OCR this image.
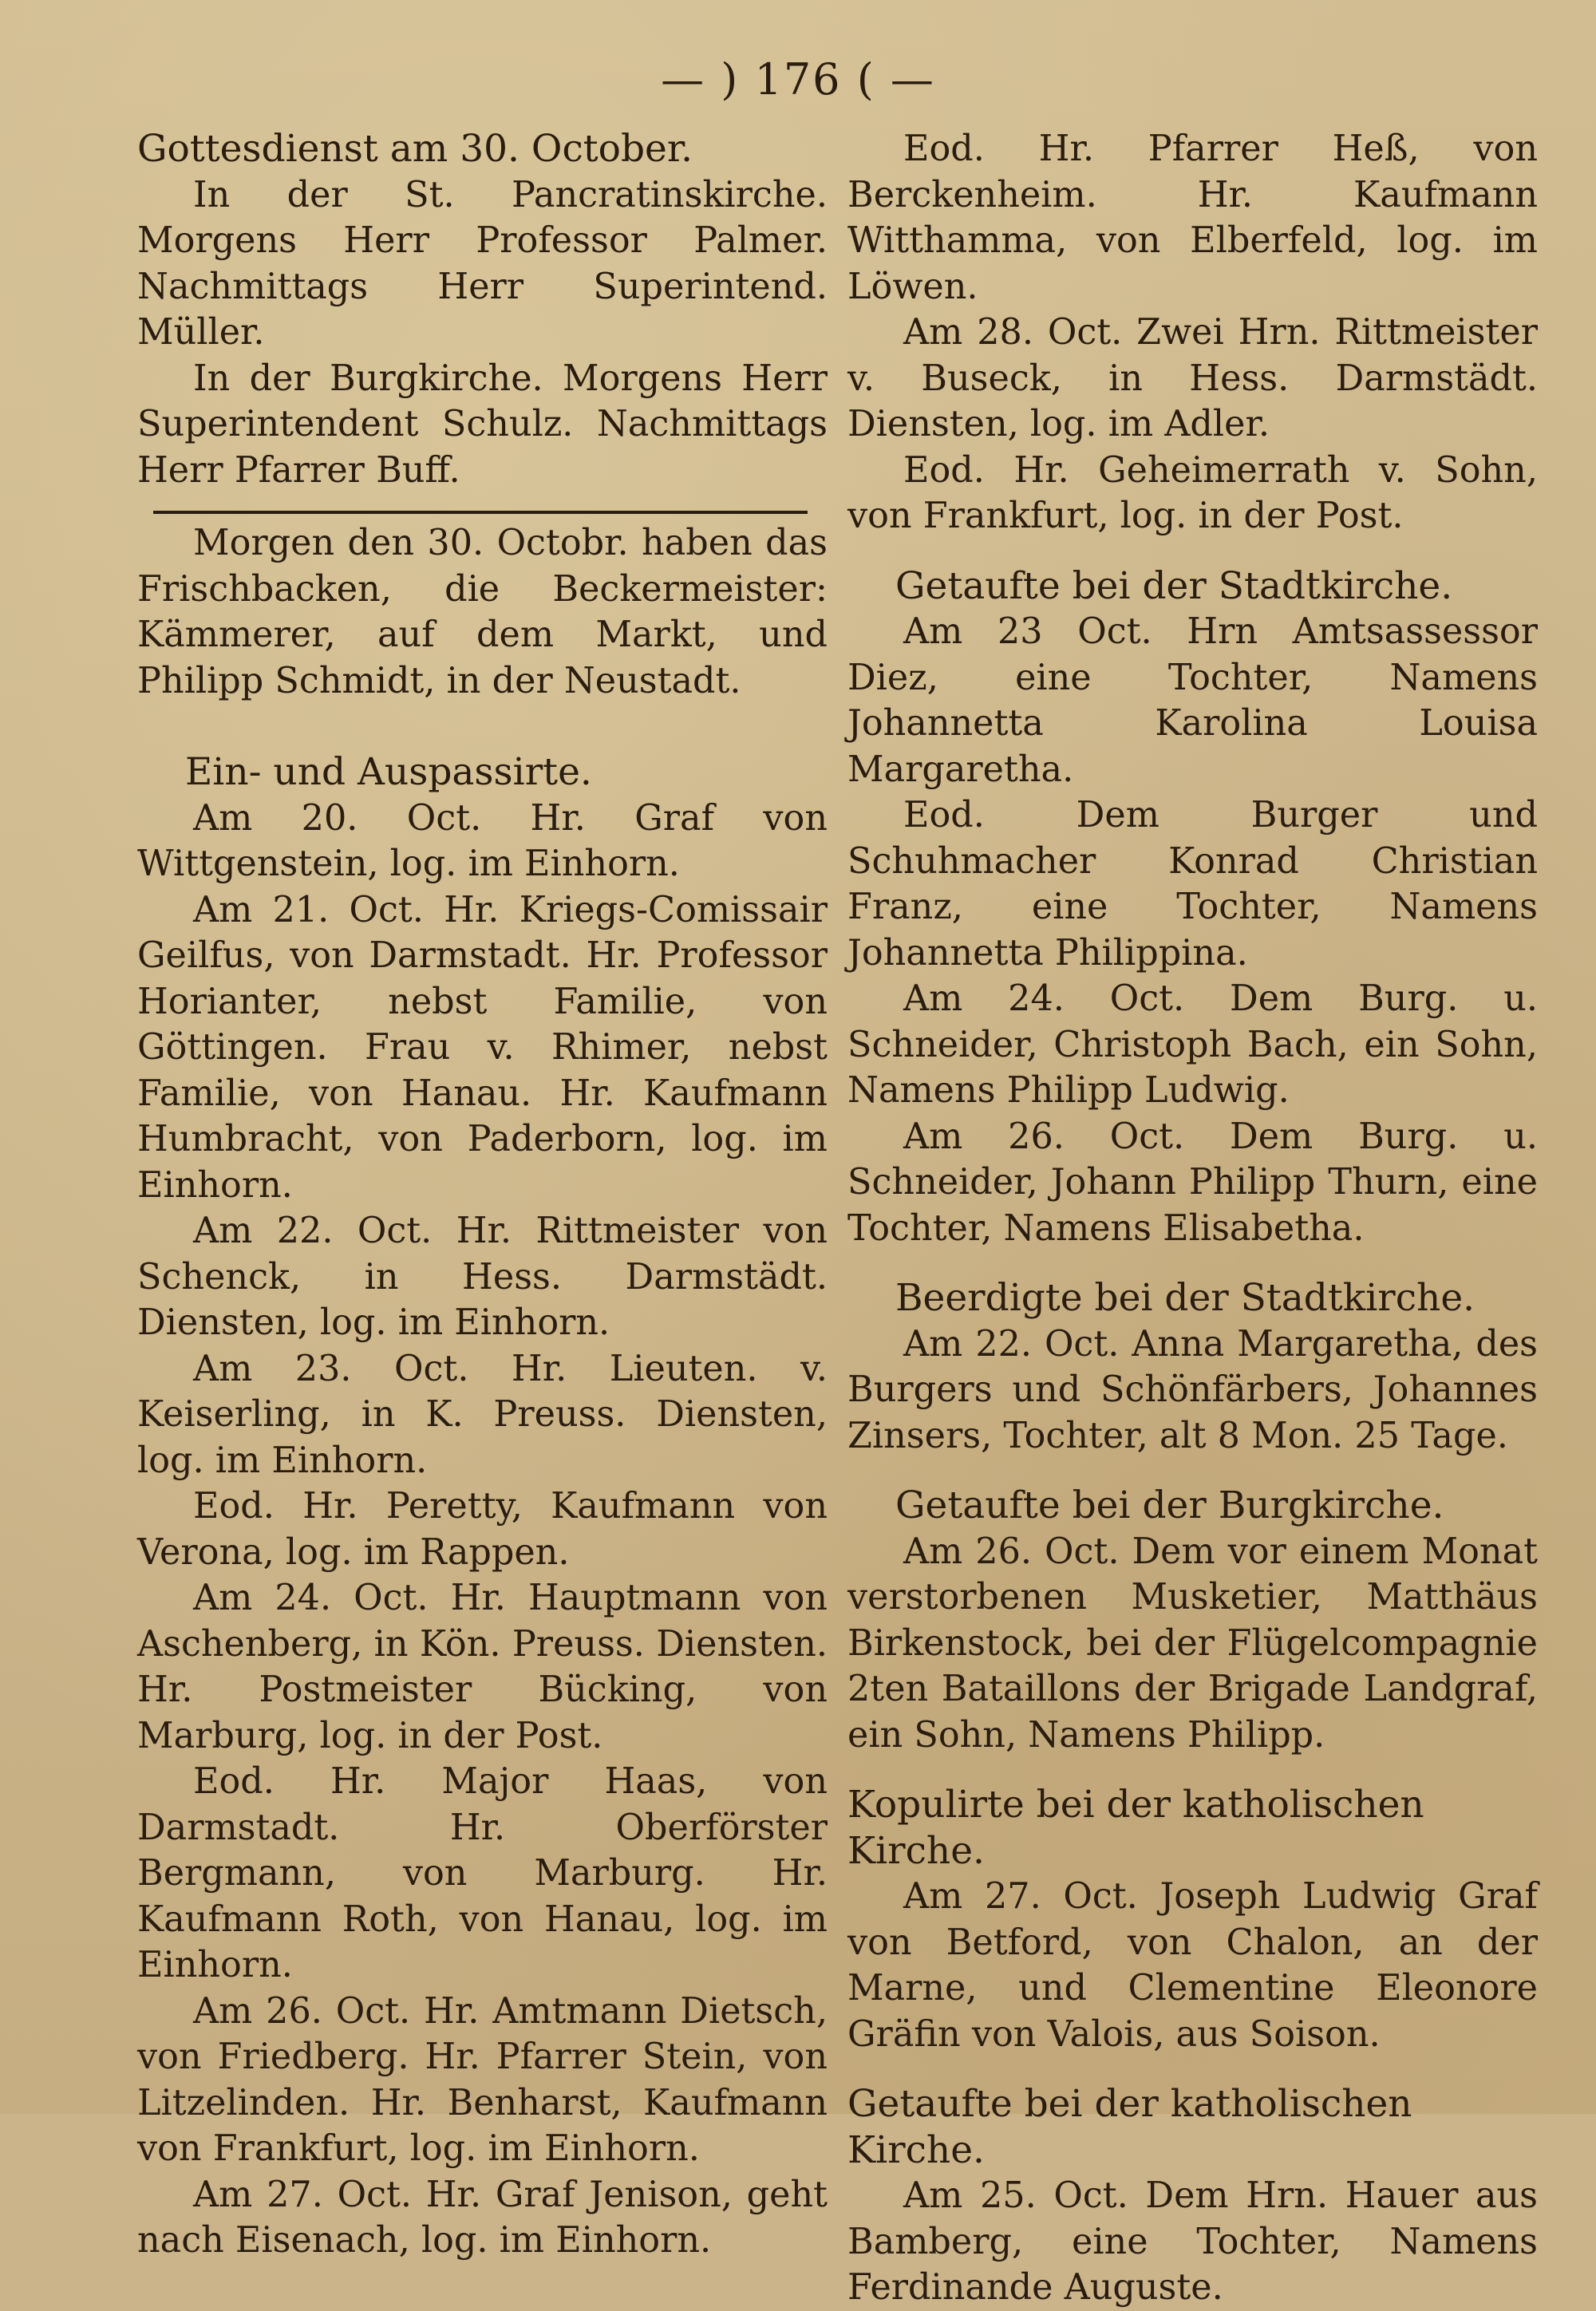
— ) 176 ( —
Gottesdienst am 30. October.

In der St. Pancratinskirche. Morgens Herr Professor Palmer. Nachmittags Herr Superintend. Müller.

In der Burgkirche. Morgens Herr Superintendent Schulz. Nachmittags Herr Pfarrer Buff.

Morgen den 30. Octobr. haben das Frischbacken, die Beckermeister: Kämmerer, auf dem Markt, und Philipp Schmidt, in der Neustadt.

Ein- und Auspassirte.

Am 20. Oct. Hr. Graf von Wittgenstein, log. im Einhorn.

Am 21. Oct. Hr. Kriegs-Comissair Geilfus, von Darmstadt. Hr. Professor Horianter, nebst Familie, von Göttingen. Frau v. Rhimer, nebst Familie, von Hanau. Hr. Kaufmann Humbracht, von Paderborn, log. im Einhorn.

Am 22. Oct. Hr. Rittmeister von Schenck, in Hess. Darmstädt. Diensten, log. im Einhorn.

Am 23. Oct. Hr. Lieuten. v. Keiserling, in K. Preuss. Diensten, log. im Einhorn.

Eod. Hr. Peretty, Kaufmann von Verona, log. im Rappen.

Am 24. Oct. Hr. Hauptmann von Aschenberg, in Kön. Preuss. Diensten. Hr. Postmeister Bücking, von Marburg, log. in der Post.

Eod. Hr. Major Haas, von Darmstadt. Hr. Oberförster Bergmann, von Marburg. Hr. Kaufmann Roth, von Hanau, log. im Einhorn.

Am 26. Oct. Hr. Amtmann Dietsch, von Friedberg. Hr. Pfarrer Stein, von Litzelinden. Hr. Benharst, Kaufmann von Frankfurt, log. im Einhorn.

Am 27. Oct. Hr. Graf Jenison, geht nach Eisenach, log. im Einhorn.

Eod. Hr. Pfarrer Heß, von Berckenheim. Hr. Kaufmann Witthamma, von Elberfeld, log. im Löwen.

Am 28. Oct. Zwei Hrn. Rittmeister v. Buseck, in Hess. Darmstädt. Diensten, log. im Adler.

Eod. Hr. Geheimerrath v. Sohn, von Frankfurt, log. in der Post.

Getaufte bei der Stadtkirche.

Am 23 Oct. Hrn Amtsassessor Diez, eine Tochter, Namens Johannetta Karolina Louisa Margaretha.

Eod. Dem Burger und Schuhmacher Konrad Christian Franz, eine Tochter, Namens Johannetta Philippina.

Am 24. Oct. Dem Burg. u. Schneider, Christoph Bach, ein Sohn, Namens Philipp Ludwig.

Am 26. Oct. Dem Burg. u. Schneider, Johann Philipp Thurn, eine Tochter, Namens Elisabetha.

Beerdigte bei der Stadtkirche.

Am 22. Oct. Anna Margaretha, des Burgers und Schönfärbers, Johannes Zinsers, Tochter, alt 8 Mon. 25 Tage.

Getaufte bei der Burgkirche.

Am 26. Oct. Dem vor einem Monat verstorbenen Musketier, Matthäus Birkenstock, bei der Flügelcompagnie 2ten Bataillons der Brigade Landgraf, ein Sohn, Namens Philipp.

Kopulirte bei der katholischen Kirche.

Am 27. Oct. Joseph Ludwig Graf von Betford, von Chalon, an der Marne, und Clementine Eleonore Gräfin von Valois, aus Soison.

Getaufte bei der katholischen Kirche.

Am 25. Oct. Dem Hrn. Hauer aus Bamberg, eine Tochter, Namens Ferdinande Auguste.
